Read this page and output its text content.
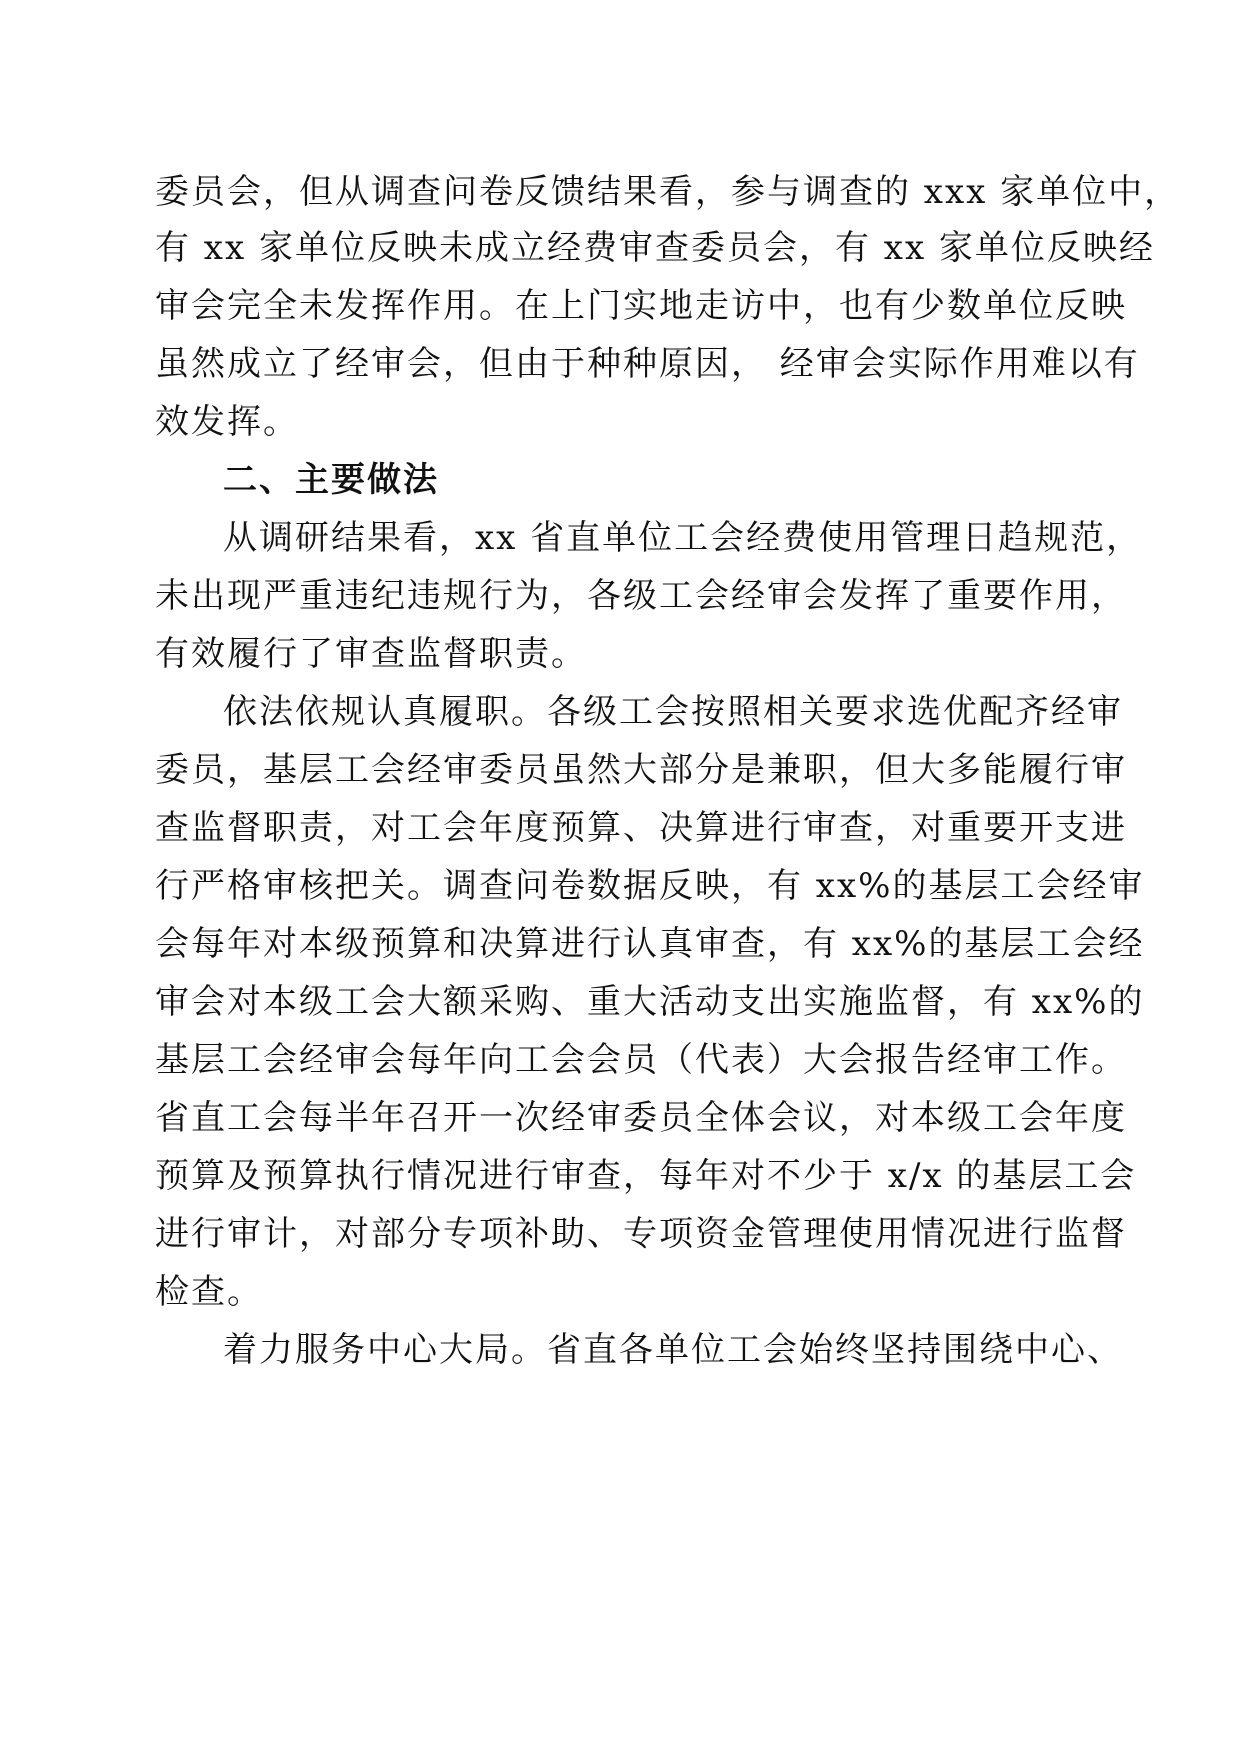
委员会，但从调查问卷反馈结果看，参与调查的 xxx 家单位中，
有 xx 家单位反映未成立经费审查委员会，有 xx 家单位反映经
审会完全未发挥作用。在上门实地走访中，也有少数单位反映
虽然成立了经审会，但由于种种原因， 经审会实际作用难以有
效发挥。
二、主要做法
从调研结果看，xx 省直单位工会经费使用管理日趋规范，
未出现严重违纪违规行为，各级工会经审会发挥了重要作用，
有效履行了审查监督职责。
依法依规认真履职。各级工会按照相关要求选优配齐经审
委员，基层工会经审委员虽然大部分是兼职，但大多能履行审
查监督职责，对工会年度预算、决算进行审查，对重要开支进
行严格审核把关。调查问卷数据反映，有 xx%的基层工会经审
会每年对本级预算和决算进行认真审查，有 xx%的基层工会经
审会对本级工会大额采购、重大活动支出实施监督，有 xx%的
基层工会经审会每年向工会会员（代表）大会报告经审工作。
省直工会每半年召开一次经审委员全体会议，对本级工会年度
预算及预算执行情况进行审查，每年对不少于 x/x 的基层工会
进行审计，对部分专项补助、专项资金管理使用情况进行监督
检查。
着力服务中心大局。省直各单位工会始终坚持围绕中心、
